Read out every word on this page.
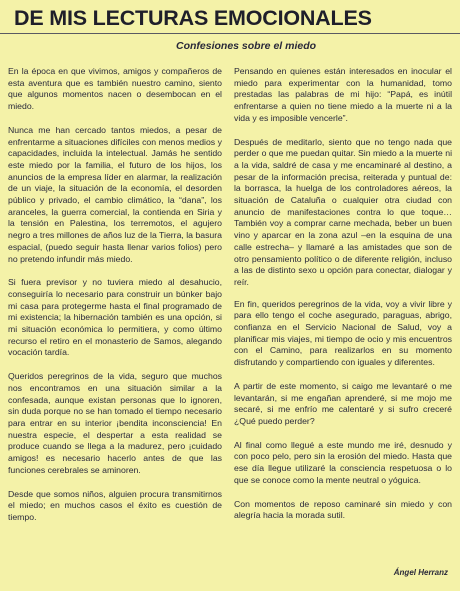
DE MIS LECTURAS EMOCIONALES
Confesiones sobre el miedo

En la época en que vivimos, amigos y compañeros de esta aventura que es también nuestro camino, siento que algunos momentos nacen o desembocan en el miedo.

Nunca me han cercado tantos miedos, a pesar de enfrentarme a situaciones difíciles con menos medios y capacidades, incluida la intelectual. Jamás he sentido este miedo por la familia, el futuro de los hijos, los anuncios de la empresa líder en alarmar, la realización de un viaje, la situación de la economía, el desorden público y privado, el cambio climático, la “dana”, los aranceles, la guerra comercial, la contienda en Siria y la tensión en Palestina, los terremotos, el agujero negro a tres millones de años luz de la Tierra, la basura espacial, (puedo seguir hasta llenar varios folios) pero no pretendo infundir más miedo.

Si fuera previsor y no tuviera miedo al desahucio, conseguiría lo necesario para construir un búnker bajo mi casa para protegerme hasta el final programado de mi existencia; la hibernación también es una opción, si mi situación económica lo permitiera, y como último recurso el retiro en el monasterio de Samos, alegando vocación tardía.

Queridos peregrinos de la vida, seguro que muchos nos encontramos en una situación similar a la confesada, aunque existan personas que lo ignoren, sin duda porque no se han tomado el tiempo necesario para entrar en su interior ¡bendita inconsciencia! En nuestra especie, el despertar a esta realidad se produce cuando se llega a la madurez, pero ¡cuidado amigos! es necesario hacerlo antes de que las funciones cerebrales se aminoren.

Desde que somos niños, alguien procura transmitirnos el miedo; en muchos casos el éxito es cuestión de tiempo.

Pensando en quienes están interesados en inocular el miedo para experimentar con la humanidad, tomo prestadas las palabras de mi hijo: “Papá, es inútil enfrentarse a quien no tiene miedo a la muerte ni a la vida y es imposible vencerle”.

Después de meditarlo, siento que no tengo nada que perder o que me puedan quitar. Sin miedo a la muerte ni a la vida, saldré de casa y me encaminaré al destino, a pesar de la información precisa, reiterada y puntual de: la borrasca, la huelga de los controladores aéreos, la situación de Cataluña o cualquier otra ciudad con anuncio de manifestaciones contra lo que toque… También voy a comprar carne mechada, beber un buen vino y aparcar en la zona azul –en la esquina de una calle estrecha– y llamaré a las amistades que son de otro pensamiento político o de diferente religión, incluso a las de distinto sexo u opción para conectar, dialogar y reír.

En fin, queridos peregrinos de la vida, voy a vivir libre y para ello tengo el coche asegurado, paraguas, abrigo, confianza en el Servicio Nacional de Salud, voy a planificar mis viajes, mi tiempo de ocio y mis encuentros con el Camino, para realizarlos en su momento disfrutando y compartiendo con iguales y diferentes.

A partir de este momento, si caigo me levantaré o me levantarán, si me engañan aprenderé, si me mojo me secaré, si me enfrío me calentaré y si sufro creceré ¿Qué puedo perder?

Al final como llegué a este mundo me iré, desnudo y con poco pelo, pero sin la erosión del miedo. Hasta que ese día llegue utilizaré la consciencia respetuosa o lo que se conoce como la mente neutral o yóguica.

Con momentos de reposo caminaré sin miedo y con alegría hacia la morada sutil.

Ángel Herranz
